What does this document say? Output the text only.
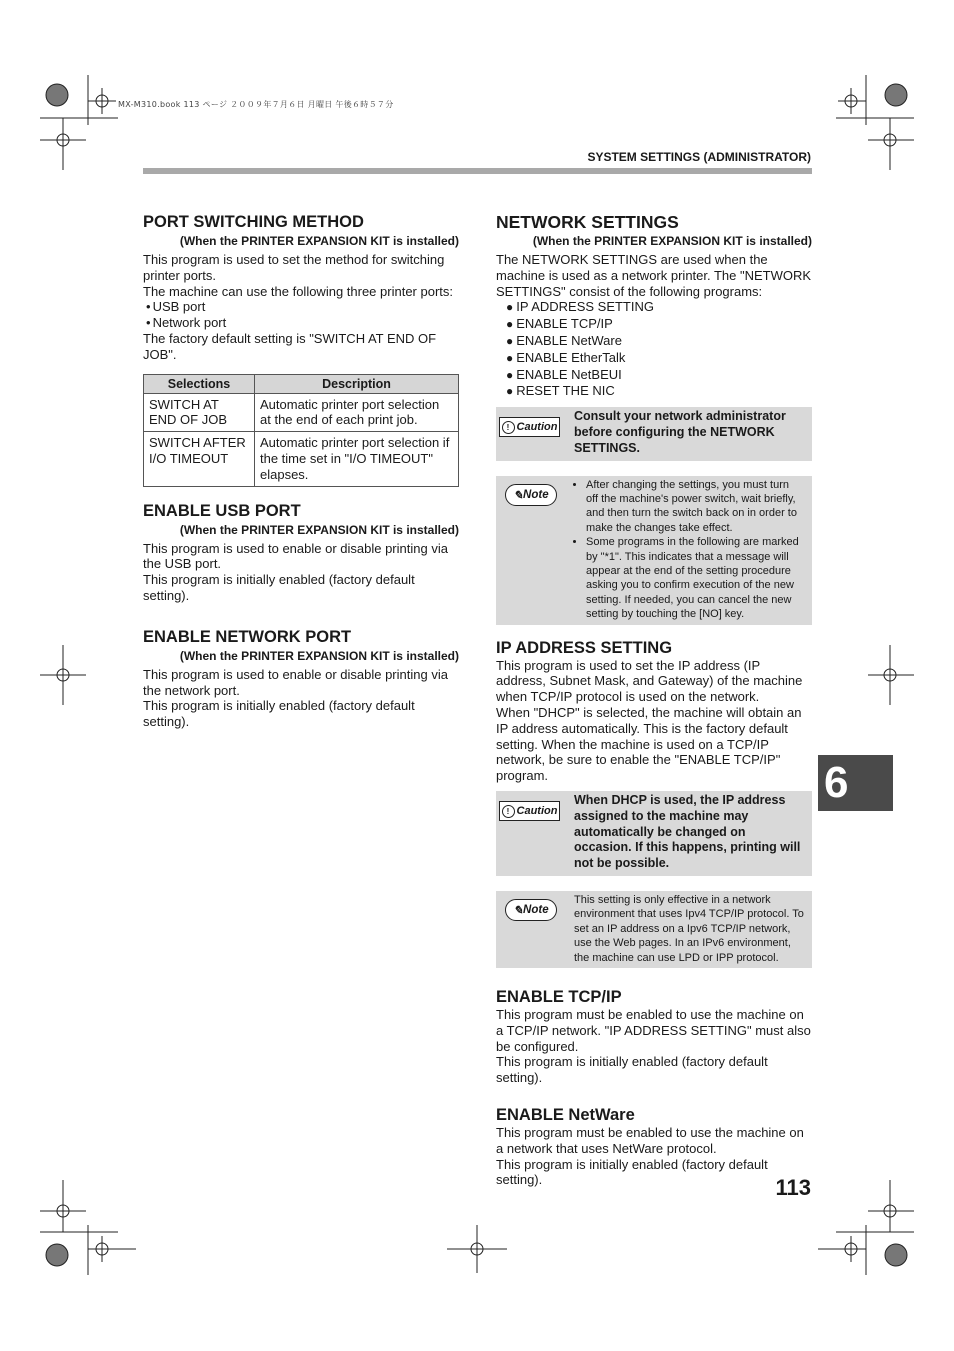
MX-M310.book 113 ページ ２００９年７月６日 月曜日 午後６時５７分
SYSTEM SETTINGS (ADMINISTRATOR)
PORT SWITCHING METHOD
(When the PRINTER EXPANSION KIT is installed)

This program is used to set the method for switching printer ports.

The machine can use the following three printer ports:

• USB port
• Network port

The factory default setting is "SWITCH AT END OF JOB".

Selections	Description
SWITCH AT END OF JOB	Automatic printer port selection at the end of each print job.
SWITCH AFTER I/O TIMEOUT	Automatic printer port selection if the time set in "I/O TIMEOUT" elapses.
ENABLE USB PORT
(When the PRINTER EXPANSION KIT is installed)

This program is used to enable or disable printing via the USB port.

This program is initially enabled (factory default setting).

ENABLE NETWORK PORT
(When the PRINTER EXPANSION KIT is installed)

This program is used to enable or disable printing via the network port.

This program is initially enabled (factory default setting).

NETWORK SETTINGS
(When the PRINTER EXPANSION KIT is installed)

The NETWORK SETTINGS are used when the machine is used as a network printer. The "NETWORK SETTINGS" consist of the following programs:

● IP ADDRESS SETTING
● ENABLE TCP/IP
● ENABLE NetWare
● ENABLE EtherTalk
● ENABLE NetBEUI
● RESET THE NIC
! Caution
Consult your network administrator before configuring the NETWORK SETTINGS.
✎ Note
• After changing the settings, you must turn off the machine's power switch, wait briefly, and then turn the switch back on in order to make the changes take effect.
• Some programs in the following are marked by "*1". This indicates that a message will appear at the end of the setting procedure asking you to confirm execution of the new setting. If needed, you can cancel the new setting by touching the [NO] key.
IP ADDRESS SETTING

This program is used to set the IP address (IP address, Subnet Mask, and Gateway) of the machine when TCP/IP protocol is used on the network.

When "DHCP" is selected, the machine will obtain an IP address automatically. This is the factory default setting. When the machine is used on a TCP/IP network, be sure to enable the "ENABLE TCP/IP" program.

! Caution
When DHCP is used, the IP address assigned to the machine may automatically be changed on occasion. If this happens, printing will not be possible.
✎ Note
This setting is only effective in a network environment that uses Ipv4 TCP/IP protocol. To set an IP address on a Ipv6 TCP/IP network, use the Web pages. In an IPv6 environment, the machine can use LPD or IPP protocol.
ENABLE TCP/IP

This program must be enabled to use the machine on a TCP/IP network. "IP ADDRESS SETTING" must also be configured.

This program is initially enabled (factory default setting).

ENABLE NetWare

This program must be enabled to use the machine on a network that uses NetWare protocol.

This program is initially enabled (factory default setting).

6
113
